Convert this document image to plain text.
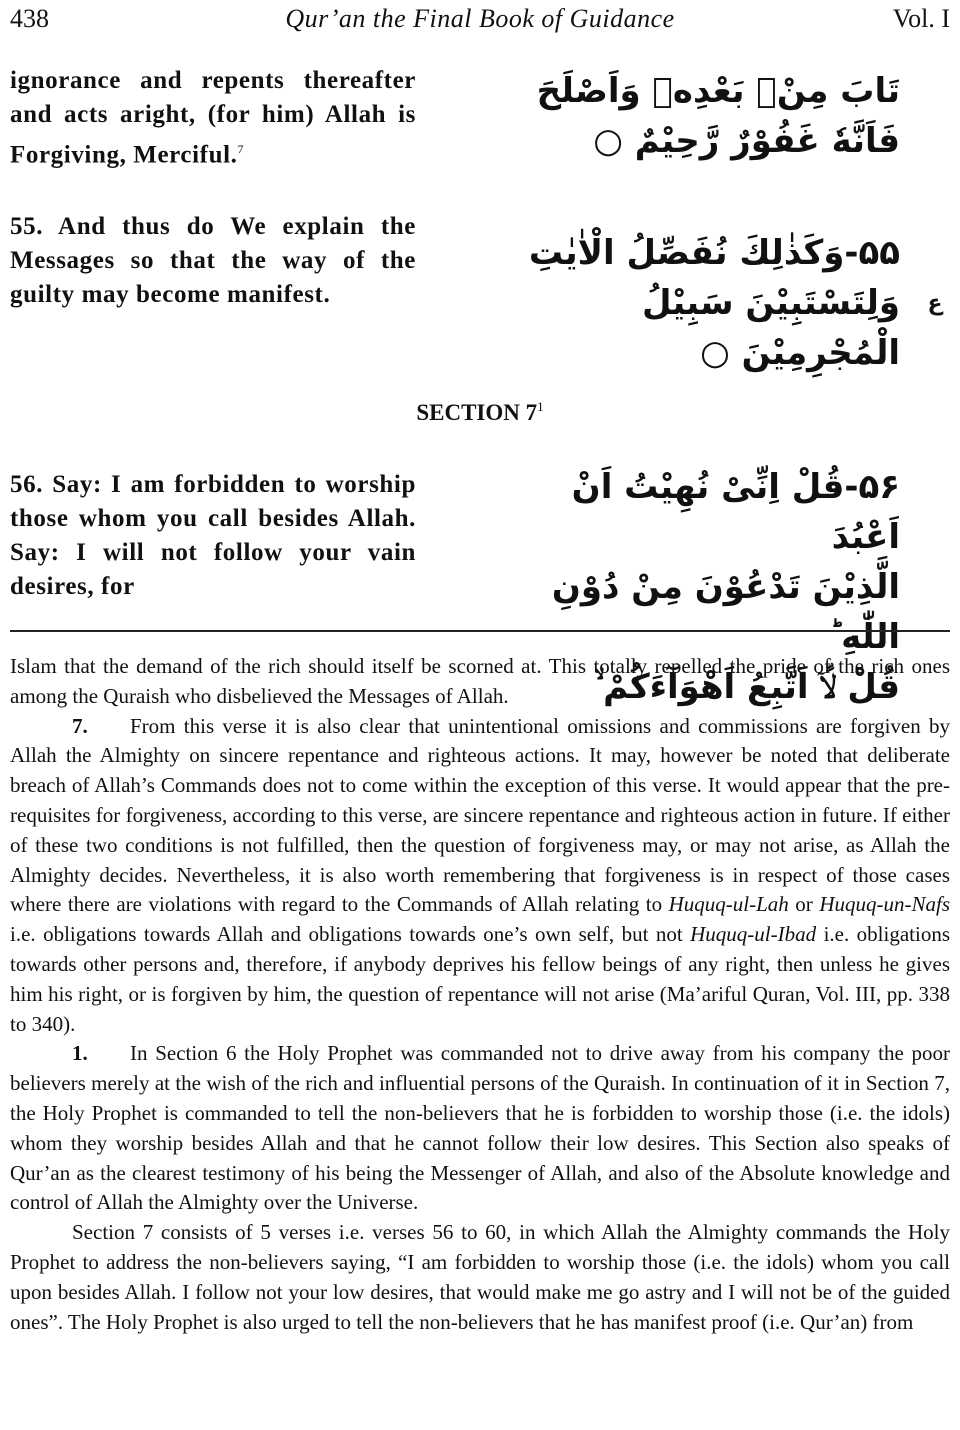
438	Qur’an the Final Book of Guidance	Vol. I
ignorance and repents thereafter and acts aright, (for him) Allah is Forgiving, Merciful.$^7$
تَابَ مِنْۢ بَعْدِهٖ وَاَصْلَحَ
فَاَنَّهٗ غَفُوْرٌ رَّحِيْمٌ ○
55. And thus do We explain the Messages so that the way of the guilty may become manifest.
۵۵-وَكَذٰلِكَ نُفَصِّلُ الْاٰيٰتِ
وَلِتَسْتَبِيْنَ سَبِيْلُ الْمُجْرِمِيْنَ ○
ع
SECTION $7^1$
56. Say: I am forbidden to worship those whom you call besides Allah. Say: I will not follow your vain desires, for
۵۶-قُلْ اِنِّىْ نُهِيْتُ اَنْ اَعْبُدَ
الَّذِيْنَ تَدْعُوْنَ مِنْ دُوْنِ اللّٰهِ ؕ
قُلْ لَّاۤ اَتَّبِعُ اَهْوَآءَكُمْ ۙ

Islam that the demand of the rich should itself be scorned at. This totally repelled the pride of the rich ones among the Quraish who disbelieved the Messages of Allah.

7. From this verse it is also clear that unintentional omissions and commissions are forgiven by Allah the Almighty on sincere repentance and righteous actions. It may, however be noted that deliberate breach of Allah’s Commands does not to come within the exception of this verse. It would appear that the pre-requisites for forgiveness, according to this verse, are sincere repentance and righteous action in future. If either of these two conditions is not fulfilled, then the question of forgiveness may, or may not arise, as Allah the Almighty decides. Nevertheless, it is also worth remembering that forgiveness is in respect of those cases where there are violations with regard to the Commands of Allah relating to Huquq-ul-Lah or Huquq-un-Nafs i.e. obligations towards Allah and obligations towards one’s own self, but not Huquq-ul-Ibad i.e. obligations towards other persons and, therefore, if anybody deprives his fellow beings of any right, then unless he gives him his right, or is forgiven by him, the question of repentance will not arise (Ma’ariful Quran, Vol. III, pp. 338 to 340).

1. In Section 6 the Holy Prophet was commanded not to drive away from his company the poor believers merely at the wish of the rich and influential persons of the Quraish. In continuation of it in Section 7, the Holy Prophet is commanded to tell the non-believers that he is forbidden to worship those (i.e. the idols) whom they worship besides Allah and that he cannot follow their low desires. This Section also speaks of Qur’an as the clearest testimony of his being the Messenger of Allah, and also of the Absolute knowledge and control of Allah the Almighty over the Universe.

Section 7 consists of 5 verses i.e. verses 56 to 60, in which Allah the Almighty commands the Holy Prophet to address the non-believers saying, “I am forbidden to worship those (i.e. the idols) whom you call upon besides Allah. I follow not your low desires, that would make me go astry and I will not be of the guided ones”. The Holy Prophet is also urged to tell the non-believers that he has manifest proof (i.e. Qur’an) from
